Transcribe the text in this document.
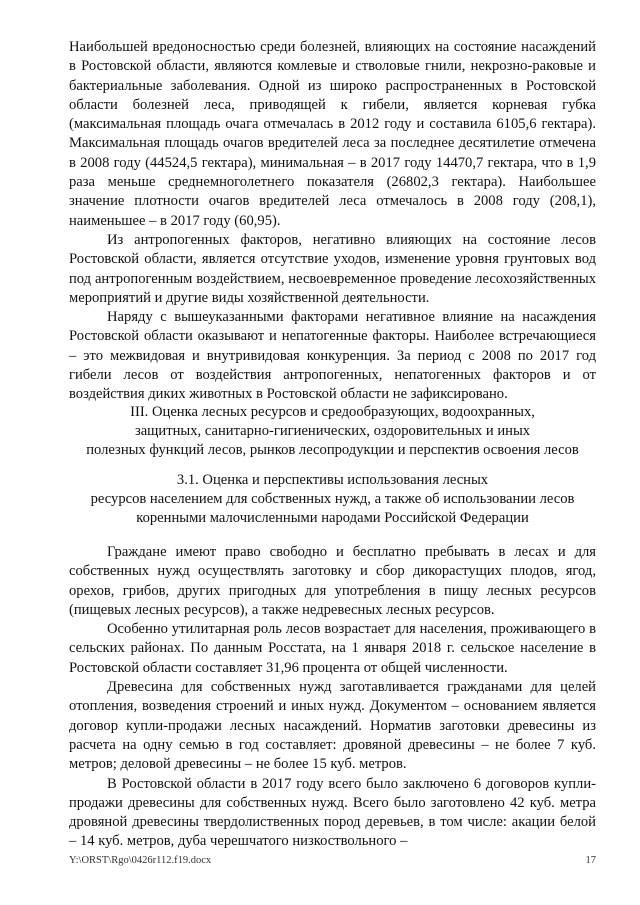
Наибольшей вредоносностью среди болезней, влияющих на состояние насаждений в Ростовской области, являются комлевые и стволовые гнили, некрозно-раковые и бактериальные заболевания. Одной из широко распространенных в Ростовской области болезней леса, приводящей к гибели, является корневая губка (максимальная площадь очага отмечалась в 2012 году и составила 6105,6 гектара). Максимальная площадь очагов вредителей леса за последнее десятилетие отмечена в 2008 году (44524,5 гектара), минимальная – в 2017 году 14470,7 гектара, что в 1,9 раза меньше среднемноголетнего показателя (26802,3 гектара). Наибольшее значение плотности очагов вредителей леса отмечалось в 2008 году (208,1), наименьшее – в 2017 году (60,95).

Из антропогенных факторов, негативно влияющих на состояние лесов Ростовской области, является отсутствие уходов, изменение уровня грунтовых вод под антропогенным воздействием, несвоевременное проведение лесохозяйственных мероприятий и другие виды хозяйственной деятельности.

Наряду с вышеуказанными факторами негативное влияние на насаждения Ростовской области оказывают и непатогенные факторы. Наиболее встречающиеся – это межвидовая и внутривидовая конкуренция. За период с 2008 по 2017 год гибели лесов от воздействия антропогенных, непатогенных факторов и от воздействия диких животных в Ростовской области не зафиксировано.

III. Оценка лесных ресурсов и средообразующих, водоохранных,
защитных, санитарно-гигиенических, оздоровительных и иных
полезных функций лесов, рынков лесопродукции и перспектив освоения лесов
3.1. Оценка и перспективы использования лесных
ресурсов населением для собственных нужд, а также об использовании лесов
коренными малочисленными народами Российской Федерации

Граждане имеют право свободно и бесплатно пребывать в лесах и для собственных нужд осуществлять заготовку и сбор дикорастущих плодов, ягод, орехов, грибов, других пригодных для употребления в пищу лесных ресурсов (пищевых лесных ресурсов), а также недревесных лесных ресурсов.

Особенно утилитарная роль лесов возрастает для населения, проживающего в сельских районах. По данным Росстата, на 1 января 2018 г. сельское население в Ростовской области составляет 31,96 процента от общей численности.

Древесина для собственных нужд заготавливается гражданами для целей отопления, возведения строений и иных нужд. Документом – основанием является договор купли-продажи лесных насаждений. Норматив заготовки древесины из расчета на одну семью в год составляет: дровяной древесины – не более 7 куб. метров; деловой древесины – не более 15 куб. метров.

В Ростовской области в 2017 году всего было заключено 6 договоров купли-продажи древесины для собственных нужд. Всего было заготовлено 42 куб. метра дровяной древесины твердолиственных пород деревьев, в том числе: акации белой – 14 куб. метров, дуба черешчатого низкоствольного –

Y:\ORST\Rgo\0426r112.f19.docx	17
